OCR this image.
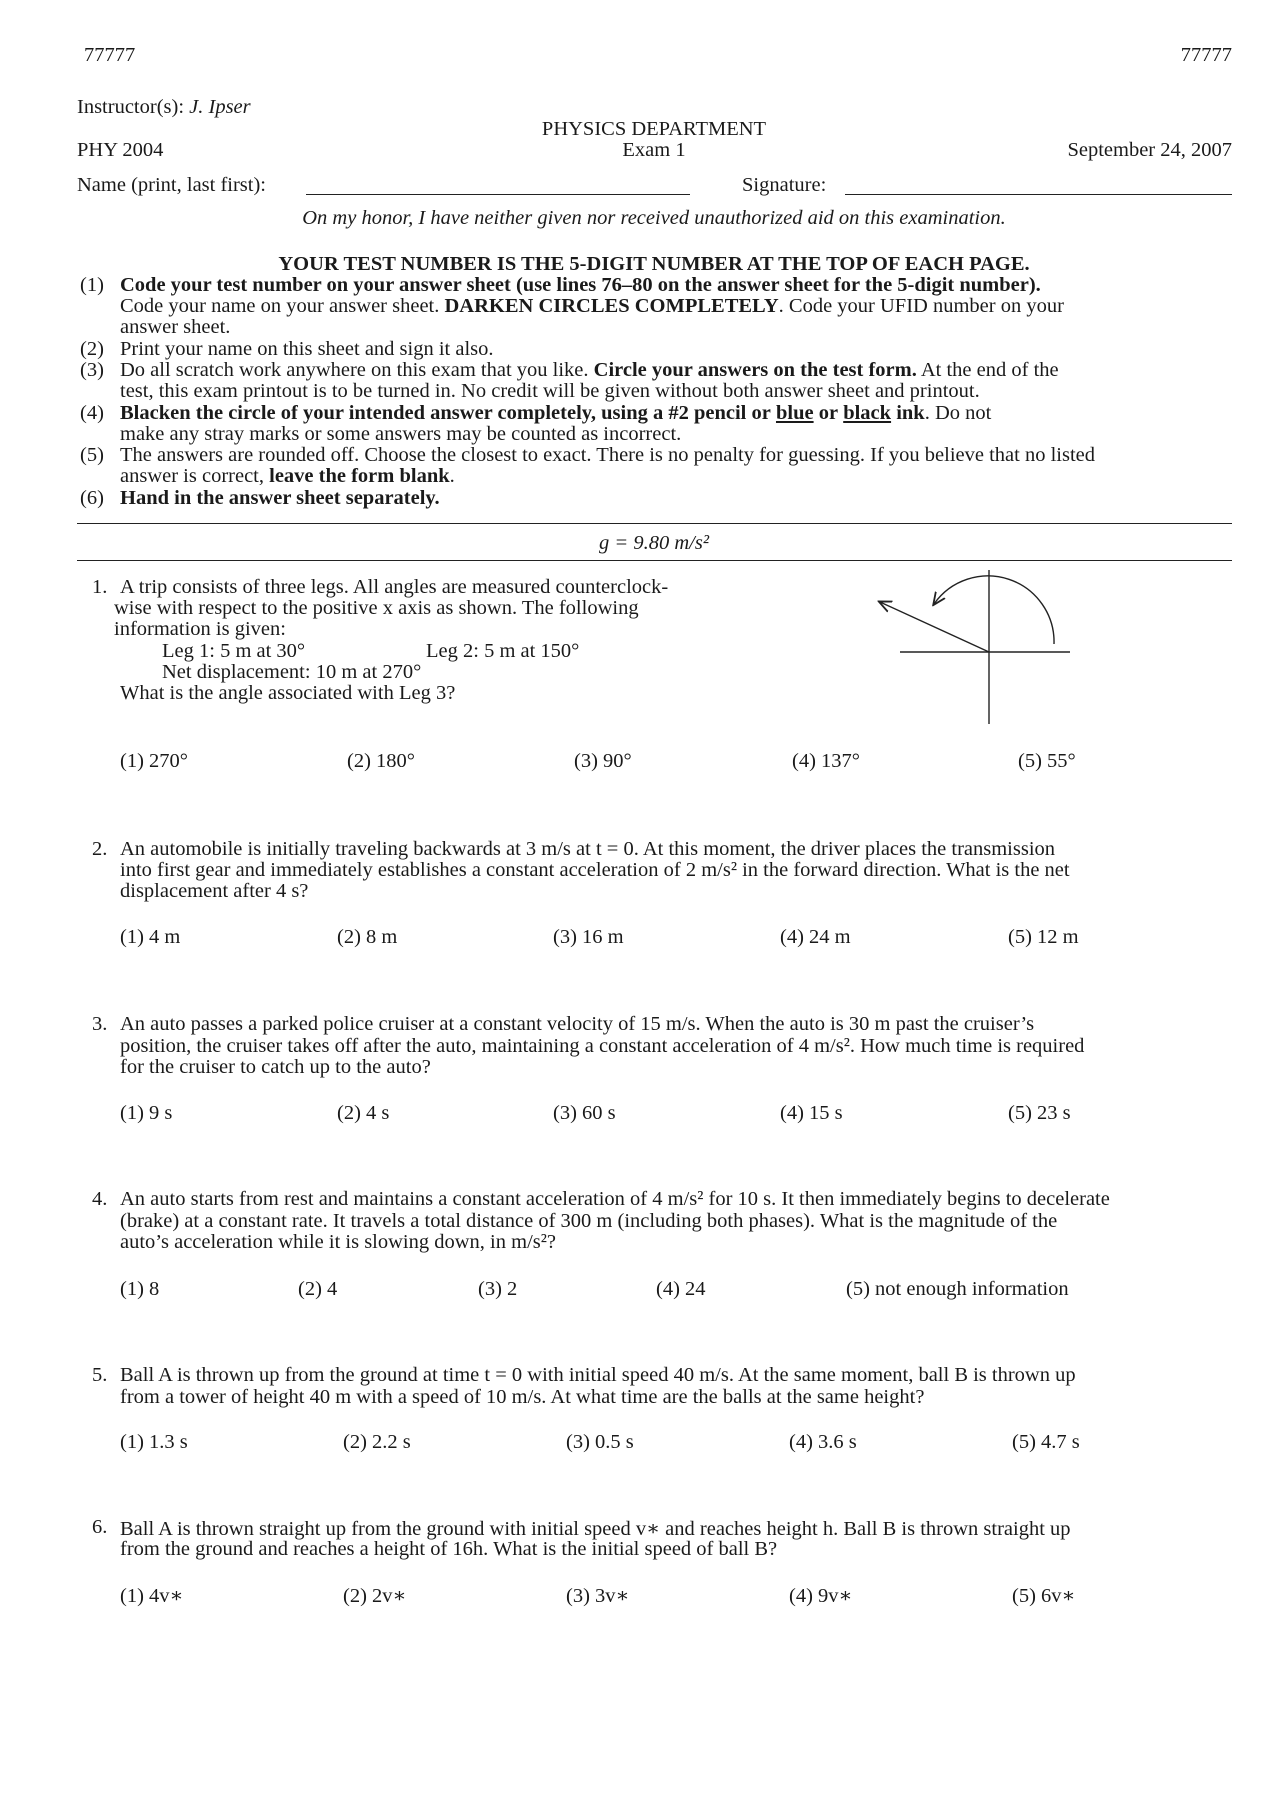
77777	77777
Instructor(s): J. Ipser
PHYSICS DEPARTMENT
Exam 1
PHY 2004	September 24, 2007
Name (print, last first):	Signature:
On my honor, I have neither given nor received unauthorized aid on this examination.
YOUR TEST NUMBER IS THE 5-DIGIT NUMBER AT THE TOP OF EACH PAGE.
(1) Code your test number on your answer sheet (use lines 76–80 on the answer sheet for the 5-digit number).
Code your name on your answer sheet. DARKEN CIRCLES COMPLETELY. Code your UFID number on your
answer sheet.
(2) Print your name on this sheet and sign it also.
(3) Do all scratch work anywhere on this exam that you like. Circle your answers on the test form. At the end of the
test, this exam printout is to be turned in. No credit will be given without both answer sheet and printout.
(4) Blacken the circle of your intended answer completely, using a #2 pencil or blue or black ink. Do not
make any stray marks or some answers may be counted as incorrect.
(5) The answers are rounded off. Choose the closest to exact. There is no penalty for guessing. If you believe that no listed
answer is correct, leave the form blank.
(6) Hand in the answer sheet separately.
g = 9.80 m/s²
1. A trip consists of three legs. All angles are measured counterclock-
wise with respect to the positive x axis as shown. The following
information is given:
Leg 1: 5 m at 30°	Leg 2: 5 m at 150°
Net displacement: 10 m at 270°
What is the angle associated with Leg 3?
(1) 270°	(2) 180°	(3) 90°	(4) 137°	(5) 55°
2. An automobile is initially traveling backwards at 3 m/s at t = 0. At this moment, the driver places the transmission
into first gear and immediately establishes a constant acceleration of 2 m/s² in the forward direction. What is the net
displacement after 4 s?
(1) 4 m	(2) 8 m	(3) 16 m	(4) 24 m	(5) 12 m
3. An auto passes a parked police cruiser at a constant velocity of 15 m/s. When the auto is 30 m past the cruiser’s
position, the cruiser takes off after the auto, maintaining a constant acceleration of 4 m/s². How much time is required
for the cruiser to catch up to the auto?
(1) 9 s	(2) 4 s	(3) 60 s	(4) 15 s	(5) 23 s
4. An auto starts from rest and maintains a constant acceleration of 4 m/s² for 10 s. It then immediately begins to decelerate
(brake) at a constant rate. It travels a total distance of 300 m (including both phases). What is the magnitude of the
auto’s acceleration while it is slowing down, in m/s²?
(1) 8	(2) 4	(3) 2	(4) 24	(5) not enough information
5. Ball A is thrown up from the ground at time t = 0 with initial speed 40 m/s. At the same moment, ball B is thrown up
from a tower of height 40 m with a speed of 10 m/s. At what time are the balls at the same height?
(1) 1.3 s	(2) 2.2 s	(3) 0.5 s	(4) 3.6 s	(5) 4.7 s
6. Ball A is thrown straight up from the ground with initial speed v∗ and reaches height h. Ball B is thrown straight up
from the ground and reaches a height of 16h. What is the initial speed of ball B?
(1) 4v∗	(2) 2v∗	(3) 3v∗	(4) 9v∗	(5) 6v∗
